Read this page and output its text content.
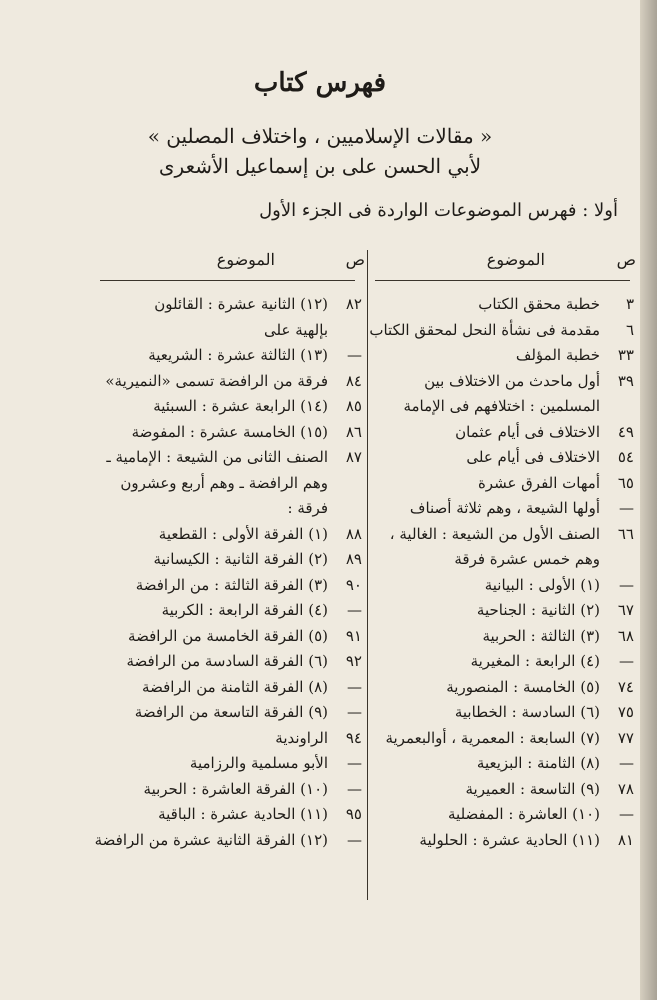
فهرس كتاب
« مقالات الإسلاميين ، واختلاف المصلين »
لأبي الحسن على بن إسماعيل الأشعرى
أولا : فهرس الموضوعات الواردة فى الجزء الأول
ص
الموضوع
ص
الموضوع
٣
خطبة محقق الكتاب
٦
مقدمة فى نشأة النحل لمحقق الكتاب
٣٣
خطبة المؤلف
٣٩
أول ماحدث من الاختلاف بين
المسلمين : اختلافهم فى الإمامة
٤٩
الاختلاف فى أيام عثمان
٥٤
الاختلاف فى أيام على
٦٥
أمهات الفرق عشرة
—
أولها الشيعة ، وهم ثلاثة أصناف
٦٦
الصنف الأول من الشيعة : الغالية ،
وهم خمس عشرة فرقة
—
(١) الأولى : البيانية
٦٧
(٢) الثانية : الجناحية
٦٨
(٣) الثالثة : الحربية
—
(٤) الرابعة : المغيرية
٧٤
(٥) الخامسة : المنصورية
٧٥
(٦) السادسة : الخطابية
٧٧
(٧) السابعة : المعمرية ، أوالبعمرية
—
(٨) الثامنة : البزيعية
٧٨
(٩) التاسعة : العميرية
—
(١٠) العاشرة : المفضلية
٨١
(١١) الحادية عشرة : الحلولية
٨٢
(١٢) الثانية عشرة : القائلون
بإلهية على
—
(١٣) الثالثة عشرة : الشريعية
٨٤
فرقة من الرافضة تسمى «النميرية»
٨٥
(١٤) الرابعة عشرة : السبئية
٨٦
(١٥) الخامسة عشرة : المفوضة
٨٧
الصنف الثانى من الشيعة : الإمامية ـ
وهم الرافضة ـ وهم أربع وعشرون
فرقة :
٨٨
(١) الفرقة الأولى : القطعية
٨٩
(٢) الفرقة الثانية : الكيسانية
٩٠
(٣) الفرقة الثالثة : من الرافضة
—
(٤) الفرقة الرابعة : الكربية
٩١
(٥) الفرقة الخامسة من الرافضة
٩٢
(٦) الفرقة السادسة من الرافضة
—
(٨) الفرقة الثامنة من الرافضة
—
(٩) الفرقة التاسعة من الرافضة
٩٤
الراوندية
—
الأبو مسلمية والرزامية
—
(١٠) الفرقة العاشرة : الحربية
٩٥
(١١) الحادية عشرة : الباقية
—
(١٢) الفرقة الثانية عشرة من الرافضة
